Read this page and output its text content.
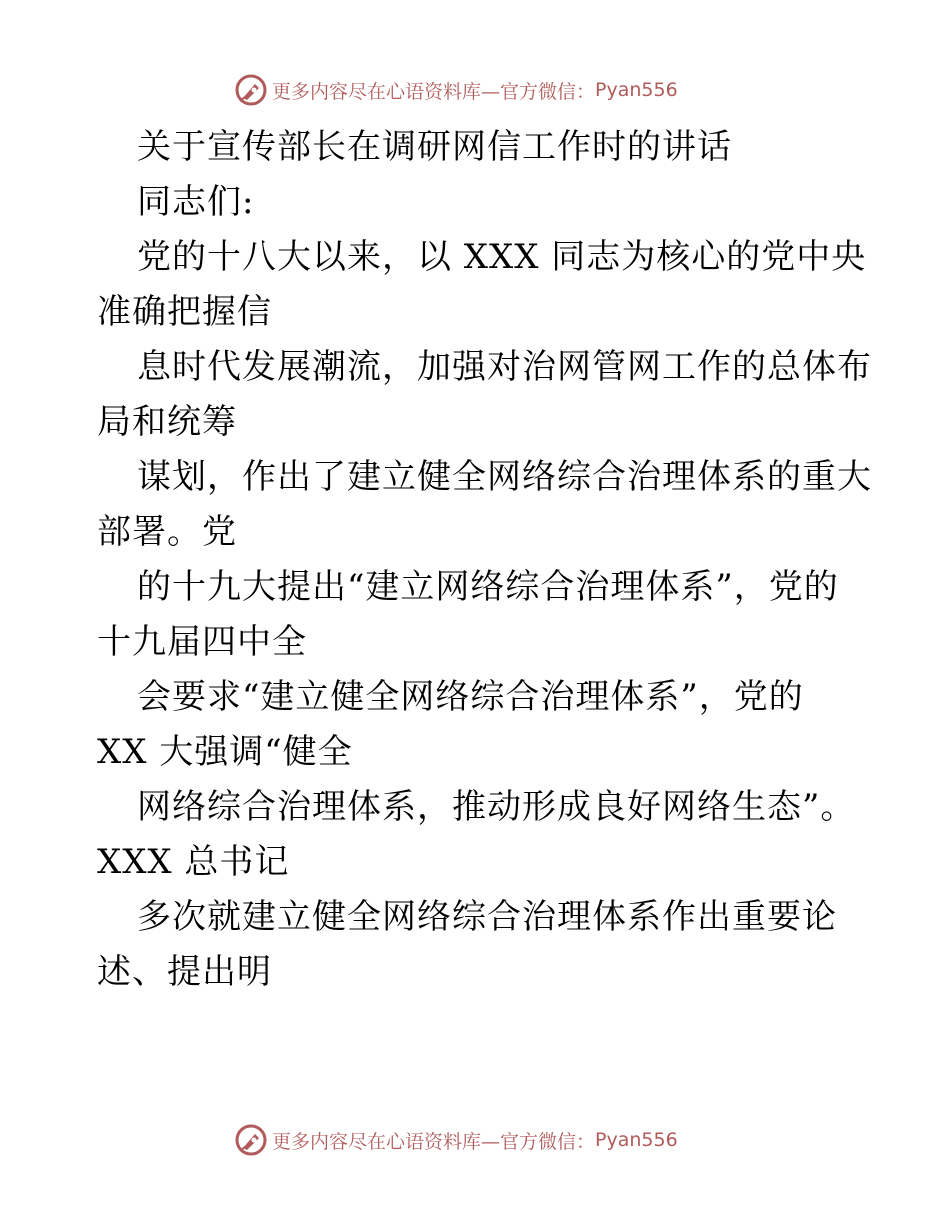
更多内容尽在心语资料库—官方微信： Pyan556
关于宣传部长在调研网信工作时的讲话
同志们:
党的十八大以来，以 XXX 同志为核心的党中央
准确把握信
息时代发展潮流，加强对治网管网工作的总体布
局和统筹
谋划，作出了建立健全网络综合治理体系的重大
部署。党
的十九大提出“建立网络综合治理体系”，党的
十九届四中全
会要求“建立健全网络综合治理体系”，党的
XX 大强调“健全
网络综合治理体系，推动形成良好网络生态”。
XXX 总书记
多次就建立健全网络综合治理体系作出重要论
述、提出明
更多内容尽在心语资料库—官方微信： Pyan556
